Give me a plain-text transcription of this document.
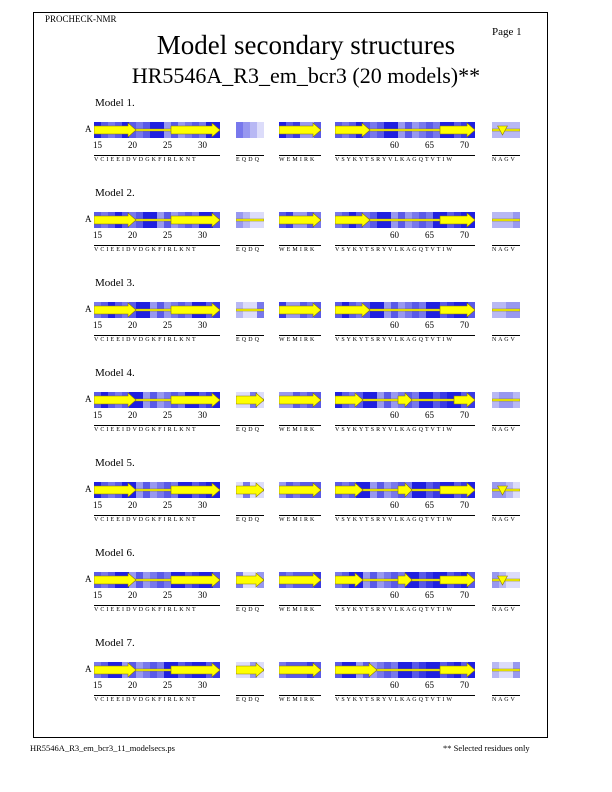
PROCHECK-NMR
Page 1
Model secondary structures
HR5546A_R3_em_bcr3 (20 models)**
Model 1.
A
15	20	25	30
V C I E E I D V D G K F I R L K N T	E Q D Q	W E M I R K
60	65	70
V S Y K Y T S R Y V L K A G Q T V T I W	N A G V
Model 2.
A
15	20	25	30
V C I E E I D V D G K F I R L K N T	E Q D Q	W E M I R K
60	65	70
V S Y K Y T S R Y V L K A G Q T V T I W	N A G V
Model 3.
A
15	20	25	30
V C I E E I D V D G K F I R L K N T	E Q D Q	W E M I R K
60	65	70
V S Y K Y T S R Y V L K A G Q T V T I W	N A G V
Model 4.
A
15	20	25	30
V C I E E I D V D G K F I R L K N T	E Q D Q	W E M I R K
60	65	70
V S Y K Y T S R Y V L K A G Q T V T I W	N A G V
Model 5.
A
15	20	25	30
V C I E E I D V D G K F I R L K N T	E Q D Q	W E M I R K
60	65	70
V S Y K Y T S R Y V L K A G Q T V T I W	N A G V
Model 6.
A
15	20	25	30
V C I E E I D V D G K F I R L K N T	E Q D Q	W E M I R K
60	65	70
V S Y K Y T S R Y V L K A G Q T V T I W	N A G V
Model 7.
A
15	20	25	30
V C I E E I D V D G K F I R L K N T	E Q D Q	W E M I R K
60	65	70
V S Y K Y T S R Y V L K A G Q T V T I W	N A G V
HR5546A_R3_em_bcr3_11_modelsecs.ps	** Selected residues only
